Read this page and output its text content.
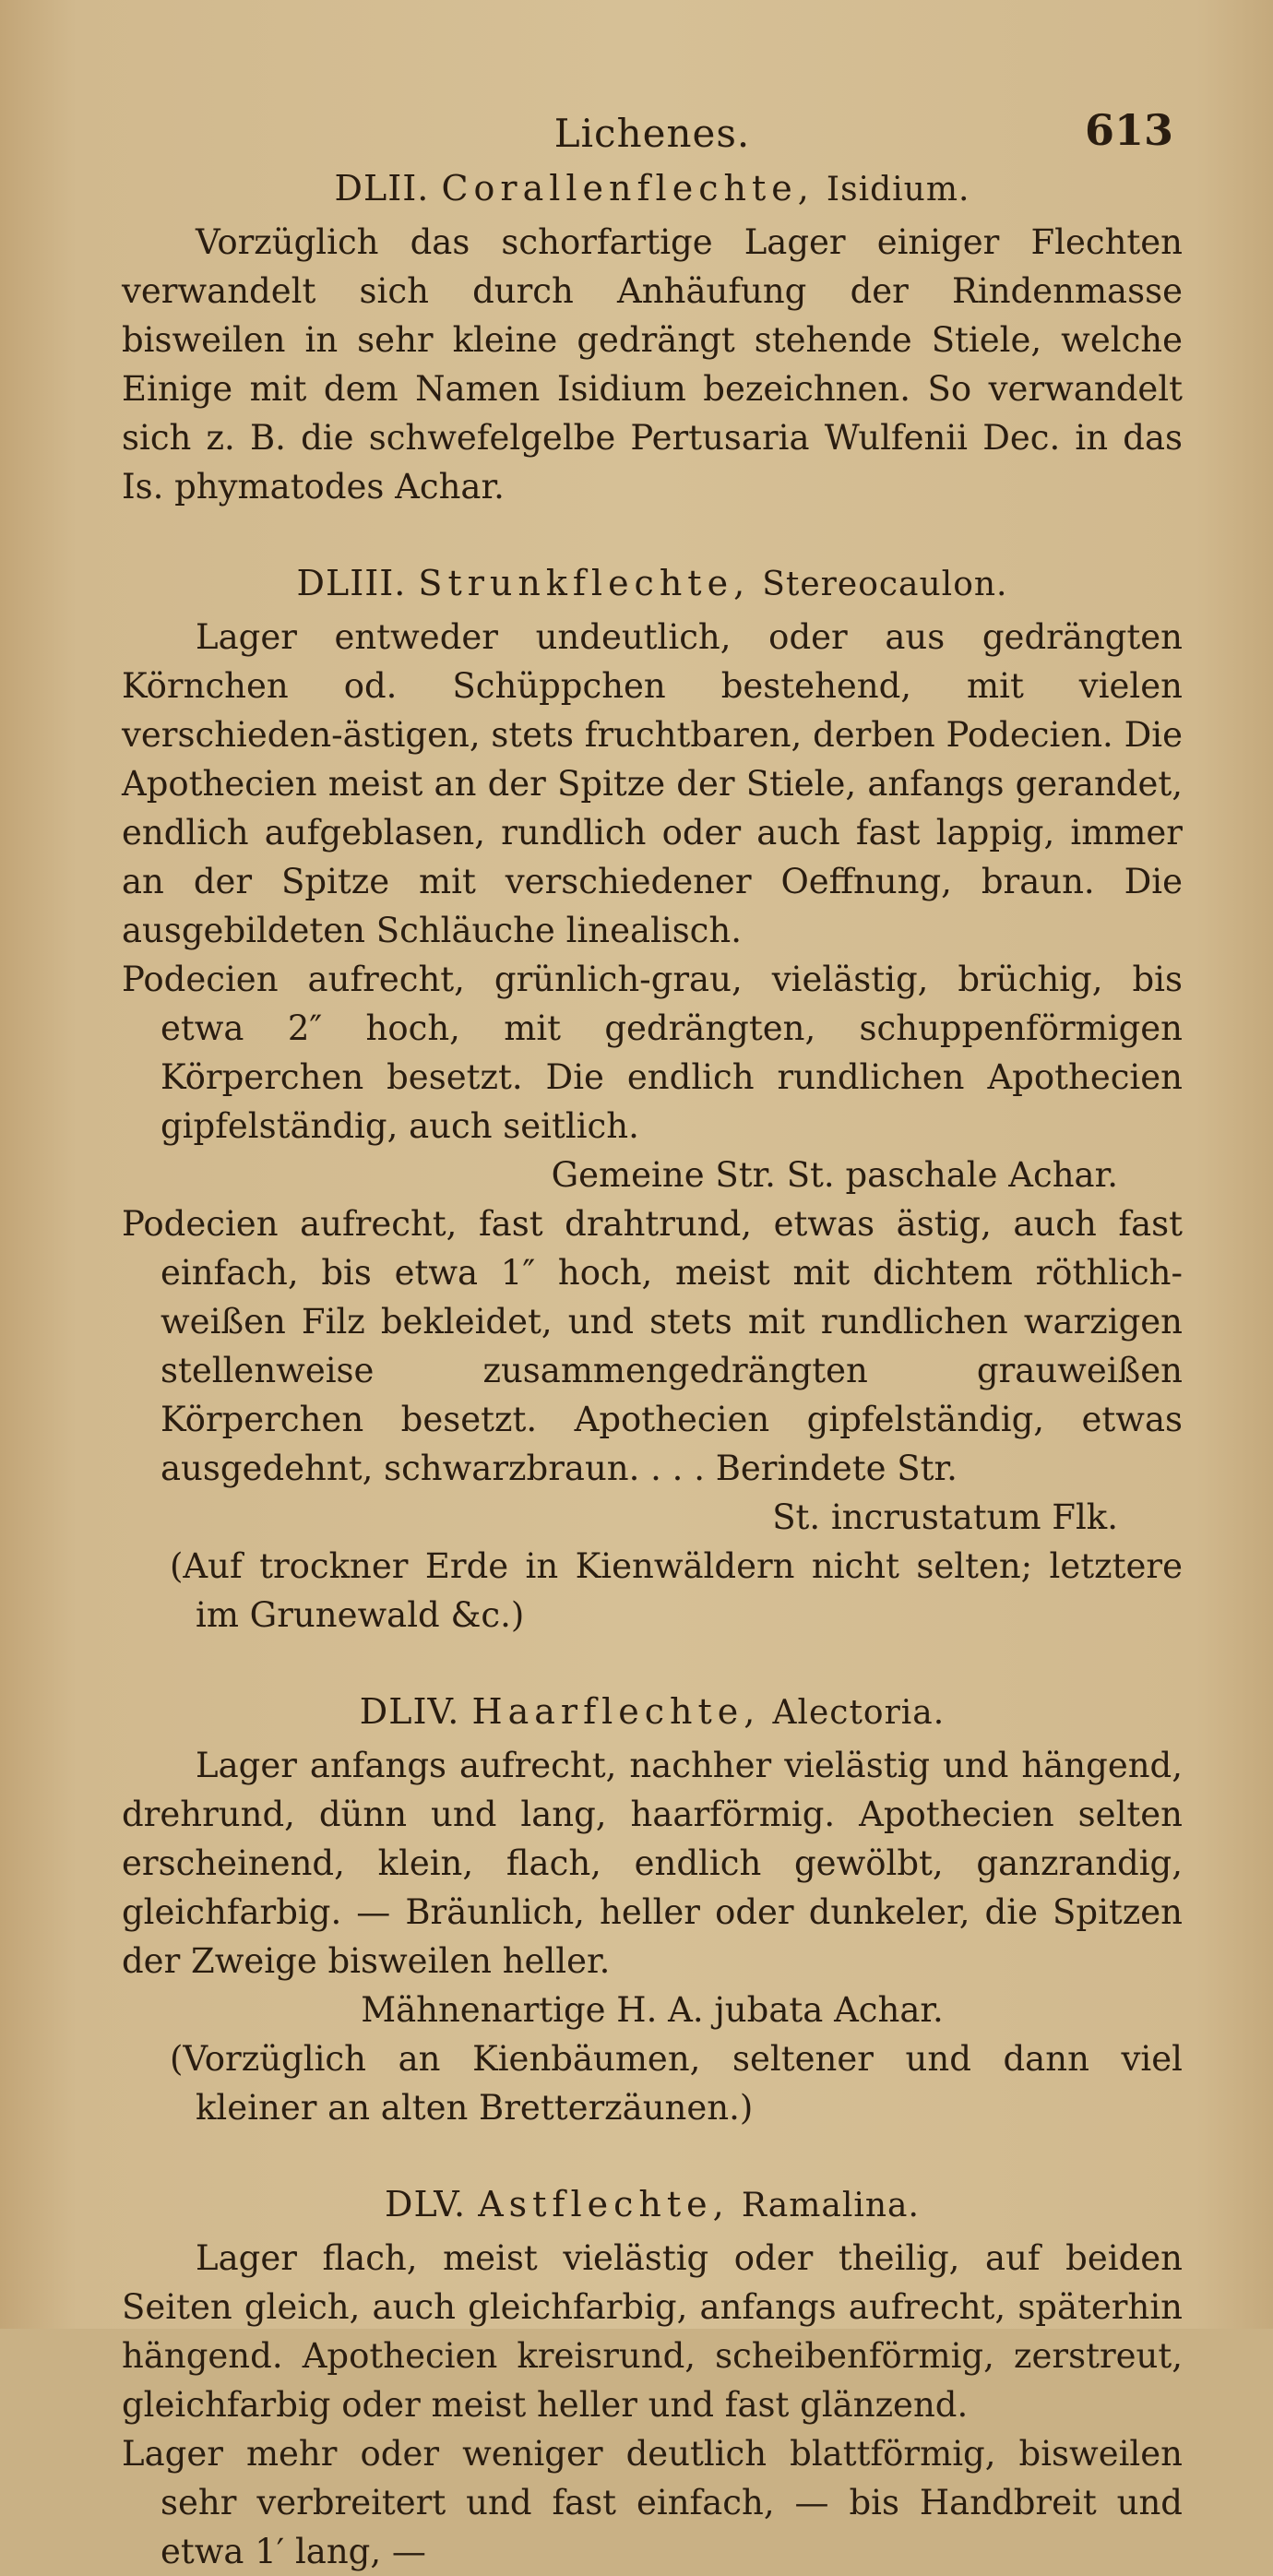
Lichenes.	613
DLII. Corallenflechte, Isidium.

Vorzüglich das schorfartige Lager einiger Flechten verwandelt sich durch Anhäufung der Rindenmasse bisweilen in sehr kleine gedrängt stehende Stiele, welche Einige mit dem Namen Isidium bezeichnen. So verwandelt sich z. B. die schwefelgelbe Pertusaria Wulfenii Dec. in das Is. phymatodes Achar.

DLIII. Strunkflechte, Stereocaulon.

Lager entweder undeutlich, oder aus gedrängten Körnchen od. Schüppchen bestehend, mit vielen verschieden-ästigen, stets fruchtbaren, derben Podecien. Die Apothecien meist an der Spitze der Stiele, anfangs gerandet, endlich aufgeblasen, rundlich oder auch fast lappig, immer an der Spitze mit verschiedener Oeffnung, braun. Die ausgebildeten Schläuche linealisch.

Podecien aufrecht, grünlich-grau, vielästig, brüchig, bis etwa 2″ hoch, mit gedrängten, schuppenförmigen Körperchen besetzt. Die endlich rundlichen Apothecien gipfelständig, auch seitlich.

Gemeine Str. St. paschale Achar.

Podecien aufrecht, fast drahtrund, etwas ästig, auch fast einfach, bis etwa 1″ hoch, meist mit dichtem röthlich-weißen Filz bekleidet, und stets mit rundlichen warzigen stellenweise zusammengedrängten grauweißen Körperchen besetzt. Apothecien gipfelständig, etwas ausgedehnt, schwarzbraun. . . . Berindete Str.

St. incrustatum Flk.

(Auf trockner Erde in Kienwäldern nicht selten; letztere im Grunewald &c.)

DLIV. Haarflechte, Alectoria.

Lager anfangs aufrecht, nachher vielästig und hängend, drehrund, dünn und lang, haarförmig. Apothecien selten erscheinend, klein, flach, endlich gewölbt, ganzrandig, gleichfarbig. — Bräunlich, heller oder dunkeler, die Spitzen der Zweige bisweilen heller.

Mähnenartige H. A. jubata Achar.

(Vorzüglich an Kienbäumen, seltener und dann viel kleiner an alten Bretterzäunen.)

DLV. Astflechte, Ramalina.

Lager flach, meist vielästig oder theilig, auf beiden Seiten gleich, auch gleichfarbig, anfangs aufrecht, späterhin hängend. Apothecien kreisrund, scheibenförmig, zerstreut, gleichfarbig oder meist heller und fast glänzend.

Lager mehr oder weniger deutlich blattförmig, bisweilen sehr verbreitert und fast einfach, — bis Handbreit und etwa 1′ lang, —
